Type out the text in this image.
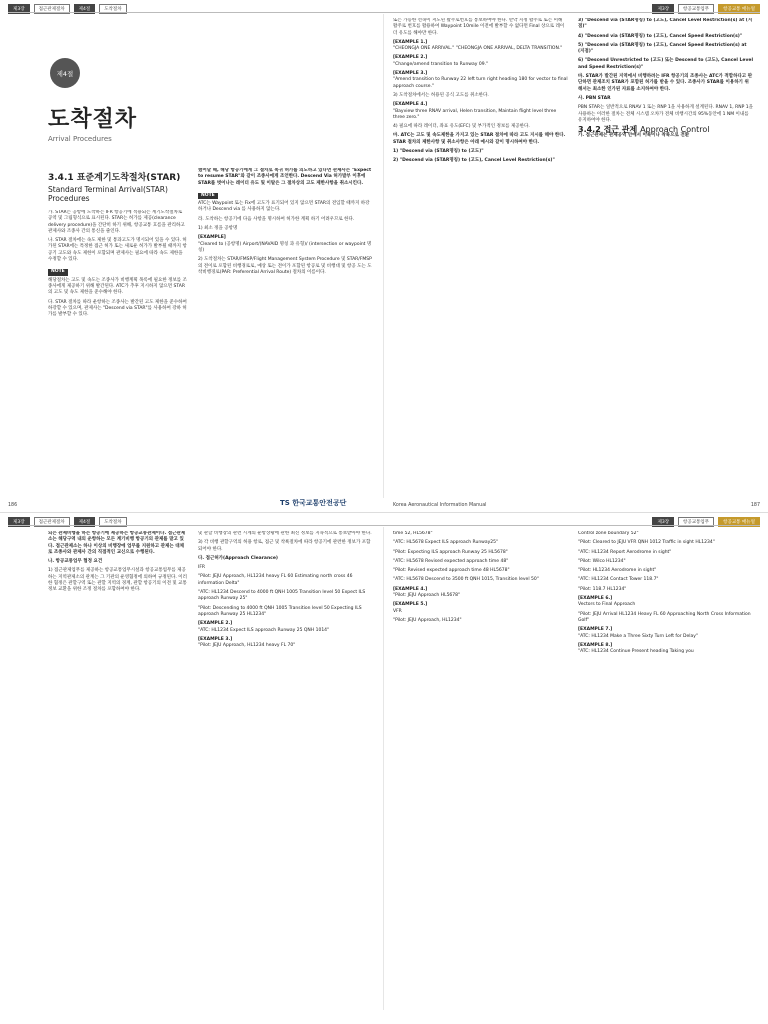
제3장	접근관제절차	제4절	도착절차	제3장	항공교통업무	항공교통 매뉴얼
제4절
도착절차
Arrival Procedures
3.4.1 표준계기도착절차(STAR)
Standard Terminal Arrival(STAR) Procedures

가. STAR는 공항에 도착하는 IFR 항공기에 적용되는 계기도착절차로 공역 및 그림형식으로 표시된다. STAR는 허가를 제공(clearance delivery procedure)을 간단히 하기 위해, 항공교통 흐름을 관리하고 관제사와 조종사 간의 통신을 줄인다.

나. STAR 절차에는 속도 제한 및 통과고도가 명시되어 있을 수 있다. 허가된 STAR에는 특정한 접근 허가 또는 새로운 허가가 발부될 때까지 항공기 고도와 속도 제한이 포함되며 관제사는 필요에 따라 속도 제한을 수정할 수 있다.

NOTE

해당절차는 고도 및 속도는 조종사가 비행계획 목록에 필요한 정보를 조종사에게 제공하기 위해 발간된다. ATC가 추후 지시하지 않으면 STAR의 고도 및 속도 제한을 준수해야 한다.

다. STAR 절차를 따라 운항하는 조종사는 발간된 고도 제한을 준수하여 하강할 수 있으며, 관제사는 "Descend via STAR"를 사용하여 강하 허가를 발부할 수 있다.

했어날 때, 해당 항공기에게 그 절차로 복귀 허가를 의도하고 있다면 관제사는 "Expect to resume STAR"와 같이 조종사에게 조언한다. Descend Via 허가발부 이후에 STAR를 벗어나는 레이더 유도 및 이탈은 그 절차상의 고도 제한사항을 취소시킨다.

NOTE

ATC는 Waypoint 또는 Fix에 고도가 표기되어 있지 않으면 STAR의 전입할 때까지 하강하거나 Descend via 를 사용하지 않는다.

라. 도착하는 항공기에 다음 사항을 명시하여 허가한 계획 하기 어려우므로 한다.

1) 최소 정을 공항명

[EXAMPLE]

"Cleared to (공항명) Airport/(NAVAID 명칭 과 유형)/ (intersection or waypoint 명칭)

2) 도착절차는 STAR/FMSP/Flight Management System Procedure 및 STAR/FMSP의 전이로 포함된 비행경로로, 예상 또는 전이가 포함된 항공로 및 비행대 및 항공 도는 도착비행경로(PAR: Preferential Arrival Route) 절차의 이름이다.

186	TS 한국교통안전공단

또는 가능한 선속이 저도된 활주로번호를 통보하여야 한다. 만약 지정 활주로 또는 미해 활주로 번호를 활용하여 Waypoint 10mile 이전에 발부할 수 없다면 Final 상으로 레이더 유도를 해야만 한다.

[EXAMPLE 1.]

"CHEONGJA ONE ARRIVAL." "CHEONGJA ONE ARRIVAL, DELTA TRANSITION."

[EXAMPLE 2.]

"Change/amend transition to Runway 09."

[EXAMPLE 3.]

"Amend transition to Runway 22 left turn right heading 180 for vector to final approach course."

3) 도착절차에서는 허용된 공식 고도를 취소한다.

[EXAMPLE 4.]

"Bayview three RNAV arrival, Helen transition, Maintain flight level three three zero."

4) 필요에 따라 레이더, 좌표 유도(EFC) 및 부가적인 정보를 제공한다.

마. ATC는 고도 및 속도제한을 가지고 있는 STAR 절차에 따라 고도 지시를 해야 한다. STAR 절차의 제한사항 및 취소사항은 아래 예시와 같이 명시하여야 한다.

1) "Descend via (STAR명칭) to (고도)"

2) "Descend via (STAR명칭) to (고도), Cancel Level Restriction(s)"

3) "Descend via (STAR명칭) to (고도), Cancel Level Restriction(s) at (지점)"

4) "Descend via (STAR명칭) to (고도), Cancel Speed Restriction(s)"

5) "Descend via (STAR명칭) to (고도), Cancel Speed Restriction(s) at (지점)"

6) "Descend Unrestricted to (고도) 또는 Descend to (고도), Cancel Level and Speed Restriction(s)"

바. STAR가 발간된 지역에서 비행하려는 IFR 항공기의 조종사는 ATC가 적합하다고 판단하면 관제조치 STAR가 포함된 허가를 받을 수 있다. 조종사가 STAR를 이용하기 위해서는 최소한 인가된 자료를 소지하여야 한다.

사. PBN STAR

PBN STAR는 일반적으로 RNAV 1 또는 RNP 1을 사용하게 설계된다. RNAV 1, RNP 1을 사용하는 이러한 절차는 전체 시스템 오차가 전체 비행시간의 95%동안에 1 NM 이내를 유지하여야 한다.

3.4.2 접근 관제 Approach Control

가. 접근관제는 관제공역 안에서 이륙이나 착륙으로 전환

Korea Aeronautical Information Manual	187
제3장	접근관제절차	제4절	도착절차	제3장	항공교통업무	항공교통 매뉴얼

되는 관제비행을 하는 항공기에 제공하는 항공교통관제이다. 접근관제소는 해당구역 내의 운항하는 모든 계기비행 항공기의 관제를 맡고 있다. 접근관제소는 하나 이상의 비행장에 업무를 지원하고 관제는 대체로 조종사와 관제사 간의 직접적인 교신으로 수행된다.

나. 항공교통업무 협정 요건

1) 접근관제업무를 제공하는 항공교통업무시설과 항공교통업무를 제공하는 지역관제소의 관계는 그 기관의 운영협정에 의하여 규정된다. 이러한 협정은 관할구역 또는 관할 지역의 경계, 관할 항공기의 이전 및 교통정보 교환을 위한 조정 절차를 포함하여야 한다.

및 관할 비행장의 관련 시계의 운항상황에 관한 최신 정보를 지속적으로 통보받아야 한다.

3) 각 비행 관할구역의 허용 항로, 접근 및 착륙절차에 따라 항공기에 관련한 정보가 포함되어야 한다.

다. 접근허가(Approach Clearance)

IFR

"Pilot: JEJU Approach, HL1234 heavy FL 60 Estimating north cross 46 information Delta"

"ATC: HL1234 Descend to 4000 ft QNH 1005 Transition level 50 Expect ILS approach Runway 25"

"Pilot: Descending to 4000 ft QNH 1005 Transition level 50 Expecting ILS approach Runway 25 HL1234"

[EXAMPLE 2.]

"ATC: HL1234 Expect ILS approach Runway 25 QNH 1014"

[EXAMPLE 3.]

"Pilot: JEJU Approach, HL1234 heavy FL 70"

time 52, HL5678"

"ATC: HL5678 Expect ILS approach Runway25"

"Pilot: Expecting ILS approach Runway 25 HL5678"

"ATC: HL5678 Revised expected approach time 48"

"Pilot: Revised expected approach time 48 HL5678"

"ATC: HL5678 Descend to 3500 ft QNH 1015, Transition level 50"

[EXAMPLE 4.]

"Pilot: JEJU Approach HL5678"

[EXAMPLE 5.]

VFR

"Pilot: JEJU Approach, HL1234"

Control zone boundary 52"

"Pilot: Cleared to JEJU VFR QNH 1012 Traffic in sight HL1234"

"ATC: HL1234 Report Aerodrome in sight"

"Pilot: Wilco HL1234"

"Pilot: HL1234 Aerodrome in sight"

"ATC: HL1234 Contact Tower 118.7"

"Pilot: 118.7 HL1234"

[EXAMPLE 6.]

Vectors to Final Approach

"Pilot: JEJU Arrival HL1234 Heavy FL 60 Approaching North Cross Information Golf"

[EXAMPLE 7.]

"ATC: HL1234 Make a Three Sixty Turn Left for Delay"

[EXAMPLE 8.]

"ATC: HL1234 Continue Present heading Taking you
